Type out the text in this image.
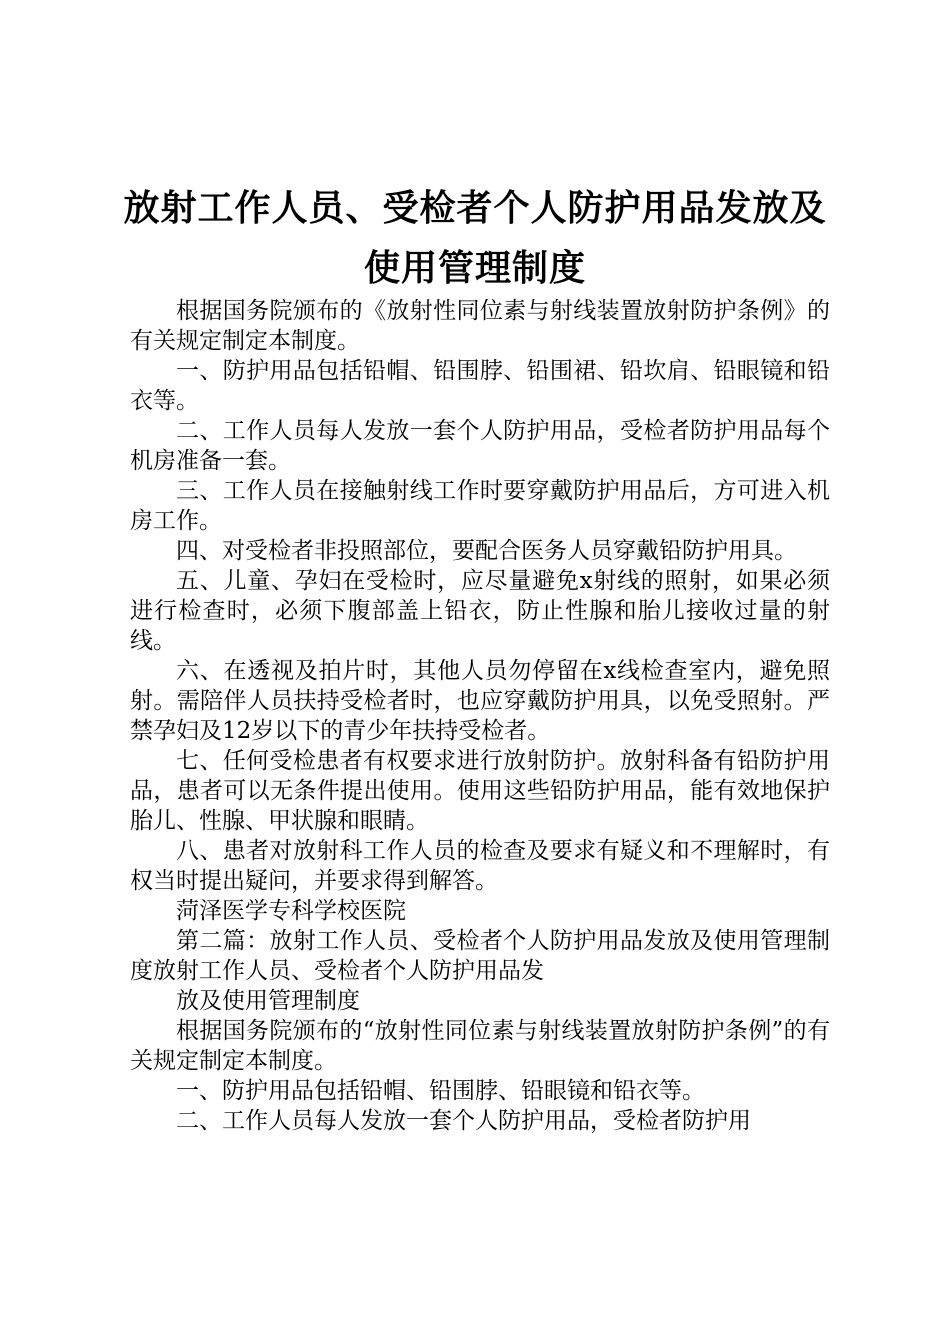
放射工作人员、受检者个人防护用品发放及使用管理制度

根据国务院颁布的《放射性同位素与射线装置放射防护条例》的有关规定制定本制度。

一、防护用品包括铅帽、铅围脖、铅围裙、铅坎肩、铅眼镜和铅衣等。

二、工作人员每人发放一套个人防护用品，受检者防护用品每个机房准备一套。

三、工作人员在接触射线工作时要穿戴防护用品后，方可进入机房工作。

四、对受检者非投照部位，要配合医务人员穿戴铅防护用具。

五、儿童、孕妇在受检时，应尽量避免x射线的照射，如果必须进行检查时，必须下腹部盖上铅衣，防止性腺和胎儿接收过量的射线。

六、在透视及拍片时，其他人员勿停留在x线检查室内，避免照射。需陪伴人员扶持受检者时，也应穿戴防护用具，以免受照射。严禁孕妇及12岁以下的青少年扶持受检者。

七、任何受检患者有权要求进行放射防护。放射科备有铅防护用品，患者可以无条件提出使用。使用这些铅防护用品，能有效地保护胎儿、性腺、甲状腺和眼睛。

八、患者对放射科工作人员的检查及要求有疑义和不理解时，有权当时提出疑问，并要求得到解答。

菏泽医学专科学校医院

第二篇：放射工作人员、受检者个人防护用品发放及使用管理制度放射工作人员、受检者个人防护用品发

放及使用管理制度

根据国务院颁布的“放射性同位素与射线装置放射防护条例”的有关规定制定本制度。

一、防护用品包括铅帽、铅围脖、铅眼镜和铅衣等。

二、工作人员每人发放一套个人防护用品，受检者防护用
